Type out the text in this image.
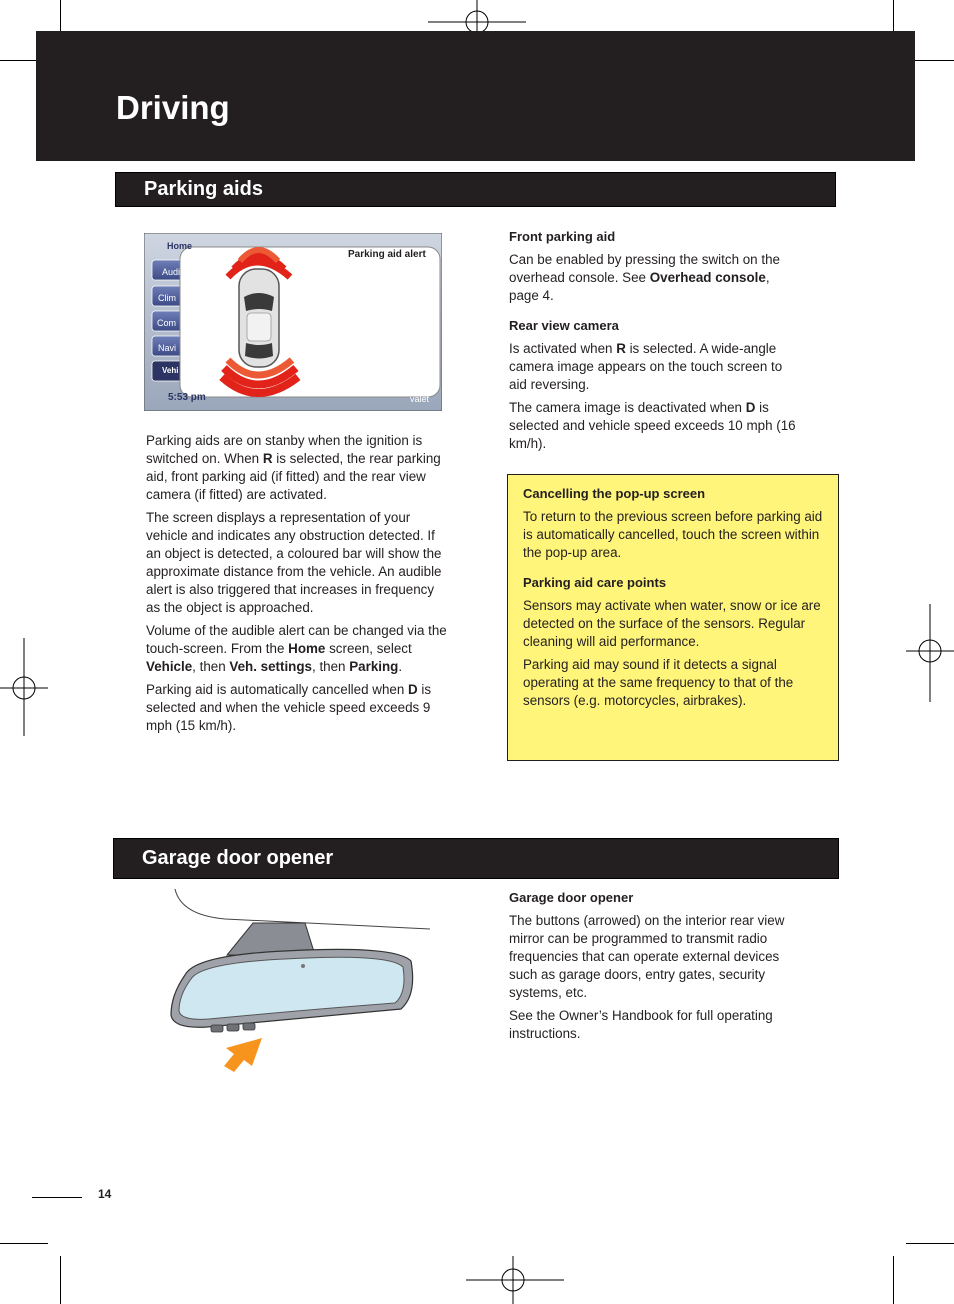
Driving
Parking aids
Parking aid alert
Home
Audi
Clim
Com
Navi
Vehi
5:53 pm	valet

Parking aids are on stanby when the ignition is switched on. When R is selected, the rear parking aid, front parking aid (if fitted) and the rear view camera (if fitted) are activated.

The screen displays a representation of your vehicle and indicates any obstruction detected. If an object is detected, a coloured bar will show the approximate distance from the vehicle. An audible alert is also triggered that increases in frequency as the object is approached.

Volume of the audible alert can be changed via the touch-screen. From the Home screen, select Vehicle, then Veh. settings, then Parking.

Parking aid is automatically cancelled when D is selected and when the vehicle speed exceeds 9 mph (15 km/h).

Front parking aid

Can be enabled by pressing the switch on the overhead console. See Overhead console, page 4.

Rear view camera

Is activated when R is selected. A wide-angle camera image appears on the touch screen to aid reversing.

The camera image is deactivated when D is selected and vehicle speed exceeds 10 mph (16 km/h).

Cancelling the pop-up screen

To return to the previous screen before parking aid is automatically cancelled, touch the screen within the pop-up area.

Parking aid care points

Sensors may activate when water, snow or ice are detected on the surface of the sensors. Regular cleaning will aid performance.

Parking aid may sound if it detects a signal operating at the same frequency to that of the sensors (e.g. motorcycles, airbrakes).

Garage door opener

Garage door opener

The buttons (arrowed) on the interior rear view mirror can be programmed to transmit radio frequencies that can operate external devices such as garage doors, entry gates, security systems, etc.

See the Owner’s Handbook for full operating instructions.

14
